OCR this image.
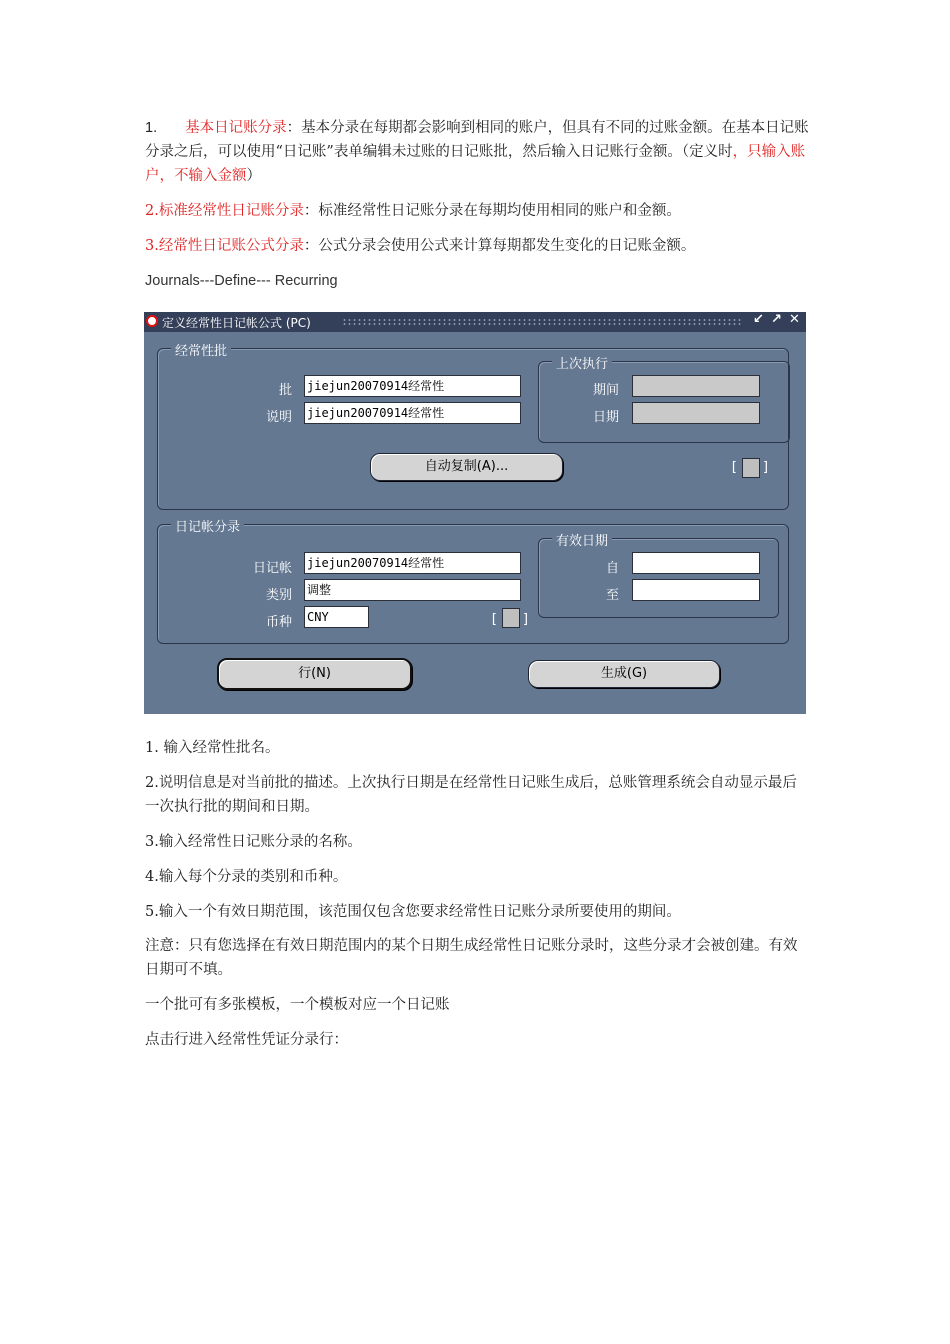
1. 基本日记账分录：基本分录在每期都会影响到相同的账户，但具有不同的过账金额。在基本日记账分录之后，可以使用“日记账”表单编辑未过账的日记账批，然后输入日记账行金额。（定义时，只输入账户，不输入金额）
2.标准经常性日记账分录：标准经常性日记账分录在每期均使用相同的账户和金额。
3.经常性日记账公式分录：公式分录会使用公式来计算每期都发生变化的日记账金额。
Journals---Define--- Recurring
定义经常性日记帐公式 (PC)	↙ ↗ ✕
经常性批
批 jiejun20070914经常性
说明 jiejun20070914经常性
上次执行
期间
日期
自动复制(A)...	[ ]
日记帐分录
日记帐 jiejun20070914经常性
类别 调整
币种 CNY	[ ]
有效日期
自
至
行(N)	生成(G)
1. 输入经常性批名。
2.说明信息是对当前批的描述。上次执行日期是在经常性日记账生成后，总账管理系统会自动显示最后一次执行批的期间和日期。
3.输入经常性日记账分录的名称。
4.输入每个分录的类别和币种。
5.输入一个有效日期范围，该范围仅包含您要求经常性日记账分录所要使用的期间。
注意：只有您选择在有效日期范围内的某个日期生成经常性日记账分录时，这些分录才会被创建。有效日期可不填。
一个批可有多张模板，一个模板对应一个日记账
点击行进入经常性凭证分录行：
